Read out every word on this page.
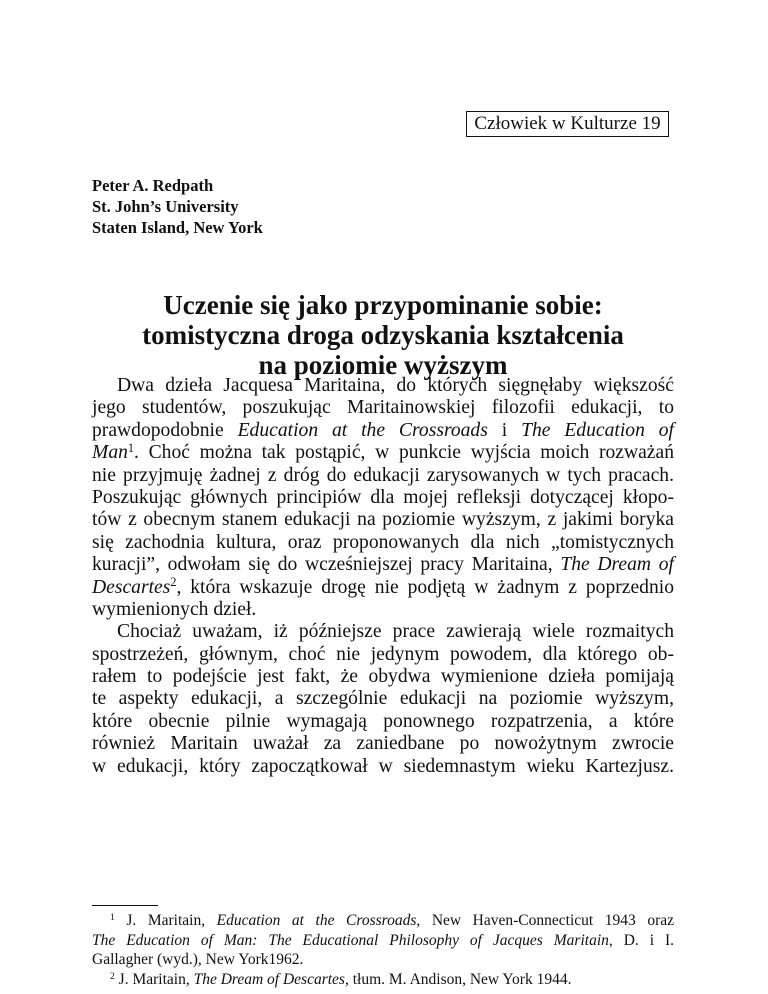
Człowiek w Kulturze 19
Peter A. Redpath
St. John’s University
Staten Island, New York
Uczenie się jako przypominanie sobie:
tomistyczna droga odzyskania kształcenia
na poziomie wyższym
Dwa dzieła Jacquesa Maritaina, do których sięgnęłaby większość
jego studentów, poszukując Maritainowskiej filozofii edukacji, to
prawdopodobnie Education at the Crossroads i The Education of
Man$^1$. Choć można tak postąpić, w punkcie wyjścia moich rozważań
nie przyjmuję żadnej z dróg do edukacji zarysowanych w tych pracach.
Poszukując głównych principiów dla mojej refleksji dotyczącej kłopo-
tów z obecnym stanem edukacji na poziomie wyższym, z jakimi boryka
się zachodnia kultura, oraz proponowanych dla nich „tomistycznych
kuracji”, odwołam się do wcześniejszej pracy Maritaina, The Dream of
Descartes$^2$, która wskazuje drogę nie podjętą w żadnym z poprzednio
wymienionych dzieł.
Chociaż uważam, iż późniejsze prace zawierają wiele rozmaitych
spostrzeżeń, głównym, choć nie jedynym powodem, dla którego ob-
rałem to podejście jest fakt, że obydwa wymienione dzieła pomijają
te aspekty edukacji, a szczególnie edukacji na poziomie wyższym,
które obecnie pilnie wymagają ponownego rozpatrzenia, a które
również Maritain uważał za zaniedbane po nowożytnym zwrocie
w edukacji, który zapoczątkował w siedemnastym wieku Kartezjusz.
$^1$ J. Maritain, Education at the Crossroads, New Haven-Connecticut 1943 oraz
The Education of Man: The Educational Philosophy of Jacques Maritain, D. i I.
Gallagher (wyd.), New York1962.
$^2$ J. Maritain, The Dream of Descartes, tłum. M. Andison, New York 1944.
